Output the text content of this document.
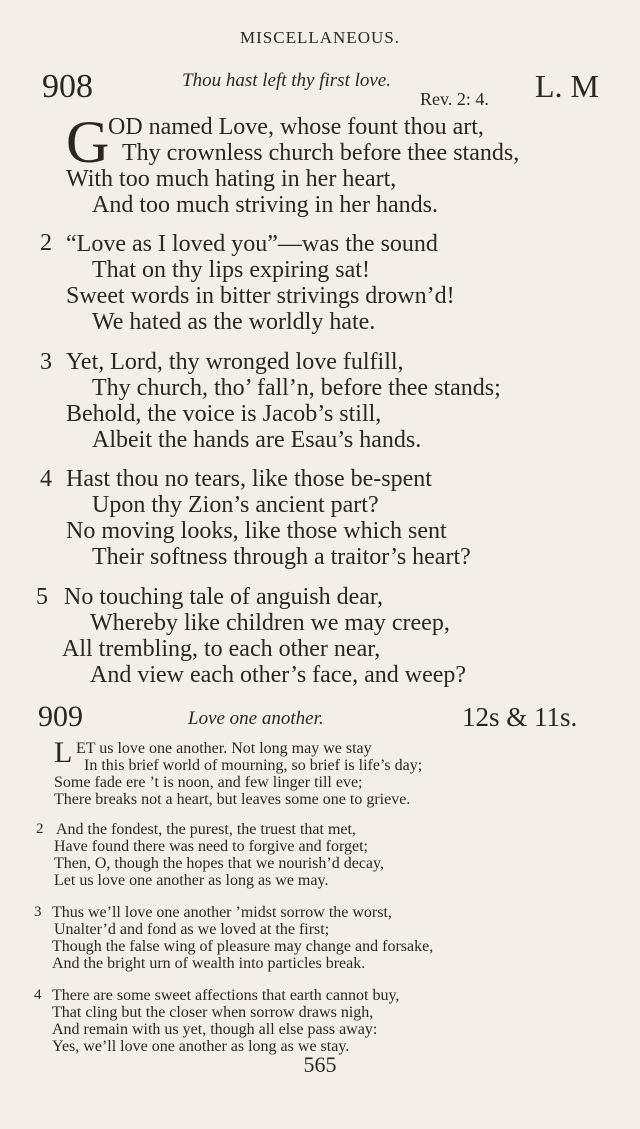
MISCELLANEOUS.
908	Thou hast left thy first love.
Rev. 2: 4. L. M
G
OD named Love, whose fount thou art,
Thy crownless church before thee stands,
With too much hating in her heart,
And too much striving in her hands.
2 “Love as I loved you”—was the sound
That on thy lips expiring sat!
Sweet words in bitter strivings drown’d!
We hated as the worldly hate.
3 Yet, Lord, thy wronged love fulfill,
Thy church, tho’ fall’n, before thee stands;
Behold, the voice is Jacob’s still,
Albeit the hands are Esau’s hands.
4 Hast thou no tears, like those be-spent
Upon thy Zion’s ancient part?
No moving looks, like those which sent
Their softness through a traitor’s heart?
5 No touching tale of anguish dear,
Whereby like children we may creep,
All trembling, to each other near,
And view each other’s face, and weep?
909	Love one another.	12s & 11s.
L ET us love one another. Not long may we stay
In this brief world of mourning, so brief is life’s day;
Some fade ere ’t is noon, and few linger till eve;
There breaks not a heart, but leaves some one to grieve.
2 And the fondest, the purest, the truest that met,
Have found there was need to forgive and forget;
Then, O, though the hopes that we nourish’d decay,
Let us love one another as long as we may.
3 Thus we’ll love one another ’midst sorrow the worst,
Unalter’d and fond as we loved at the first;
Though the false wing of pleasure may change and forsake,
And the bright urn of wealth into particles break.
4 There are some sweet affections that earth cannot buy,
That cling but the closer when sorrow draws nigh,
And remain with us yet, though all else pass away:
Yes, we’ll love one another as long as we stay.
565
